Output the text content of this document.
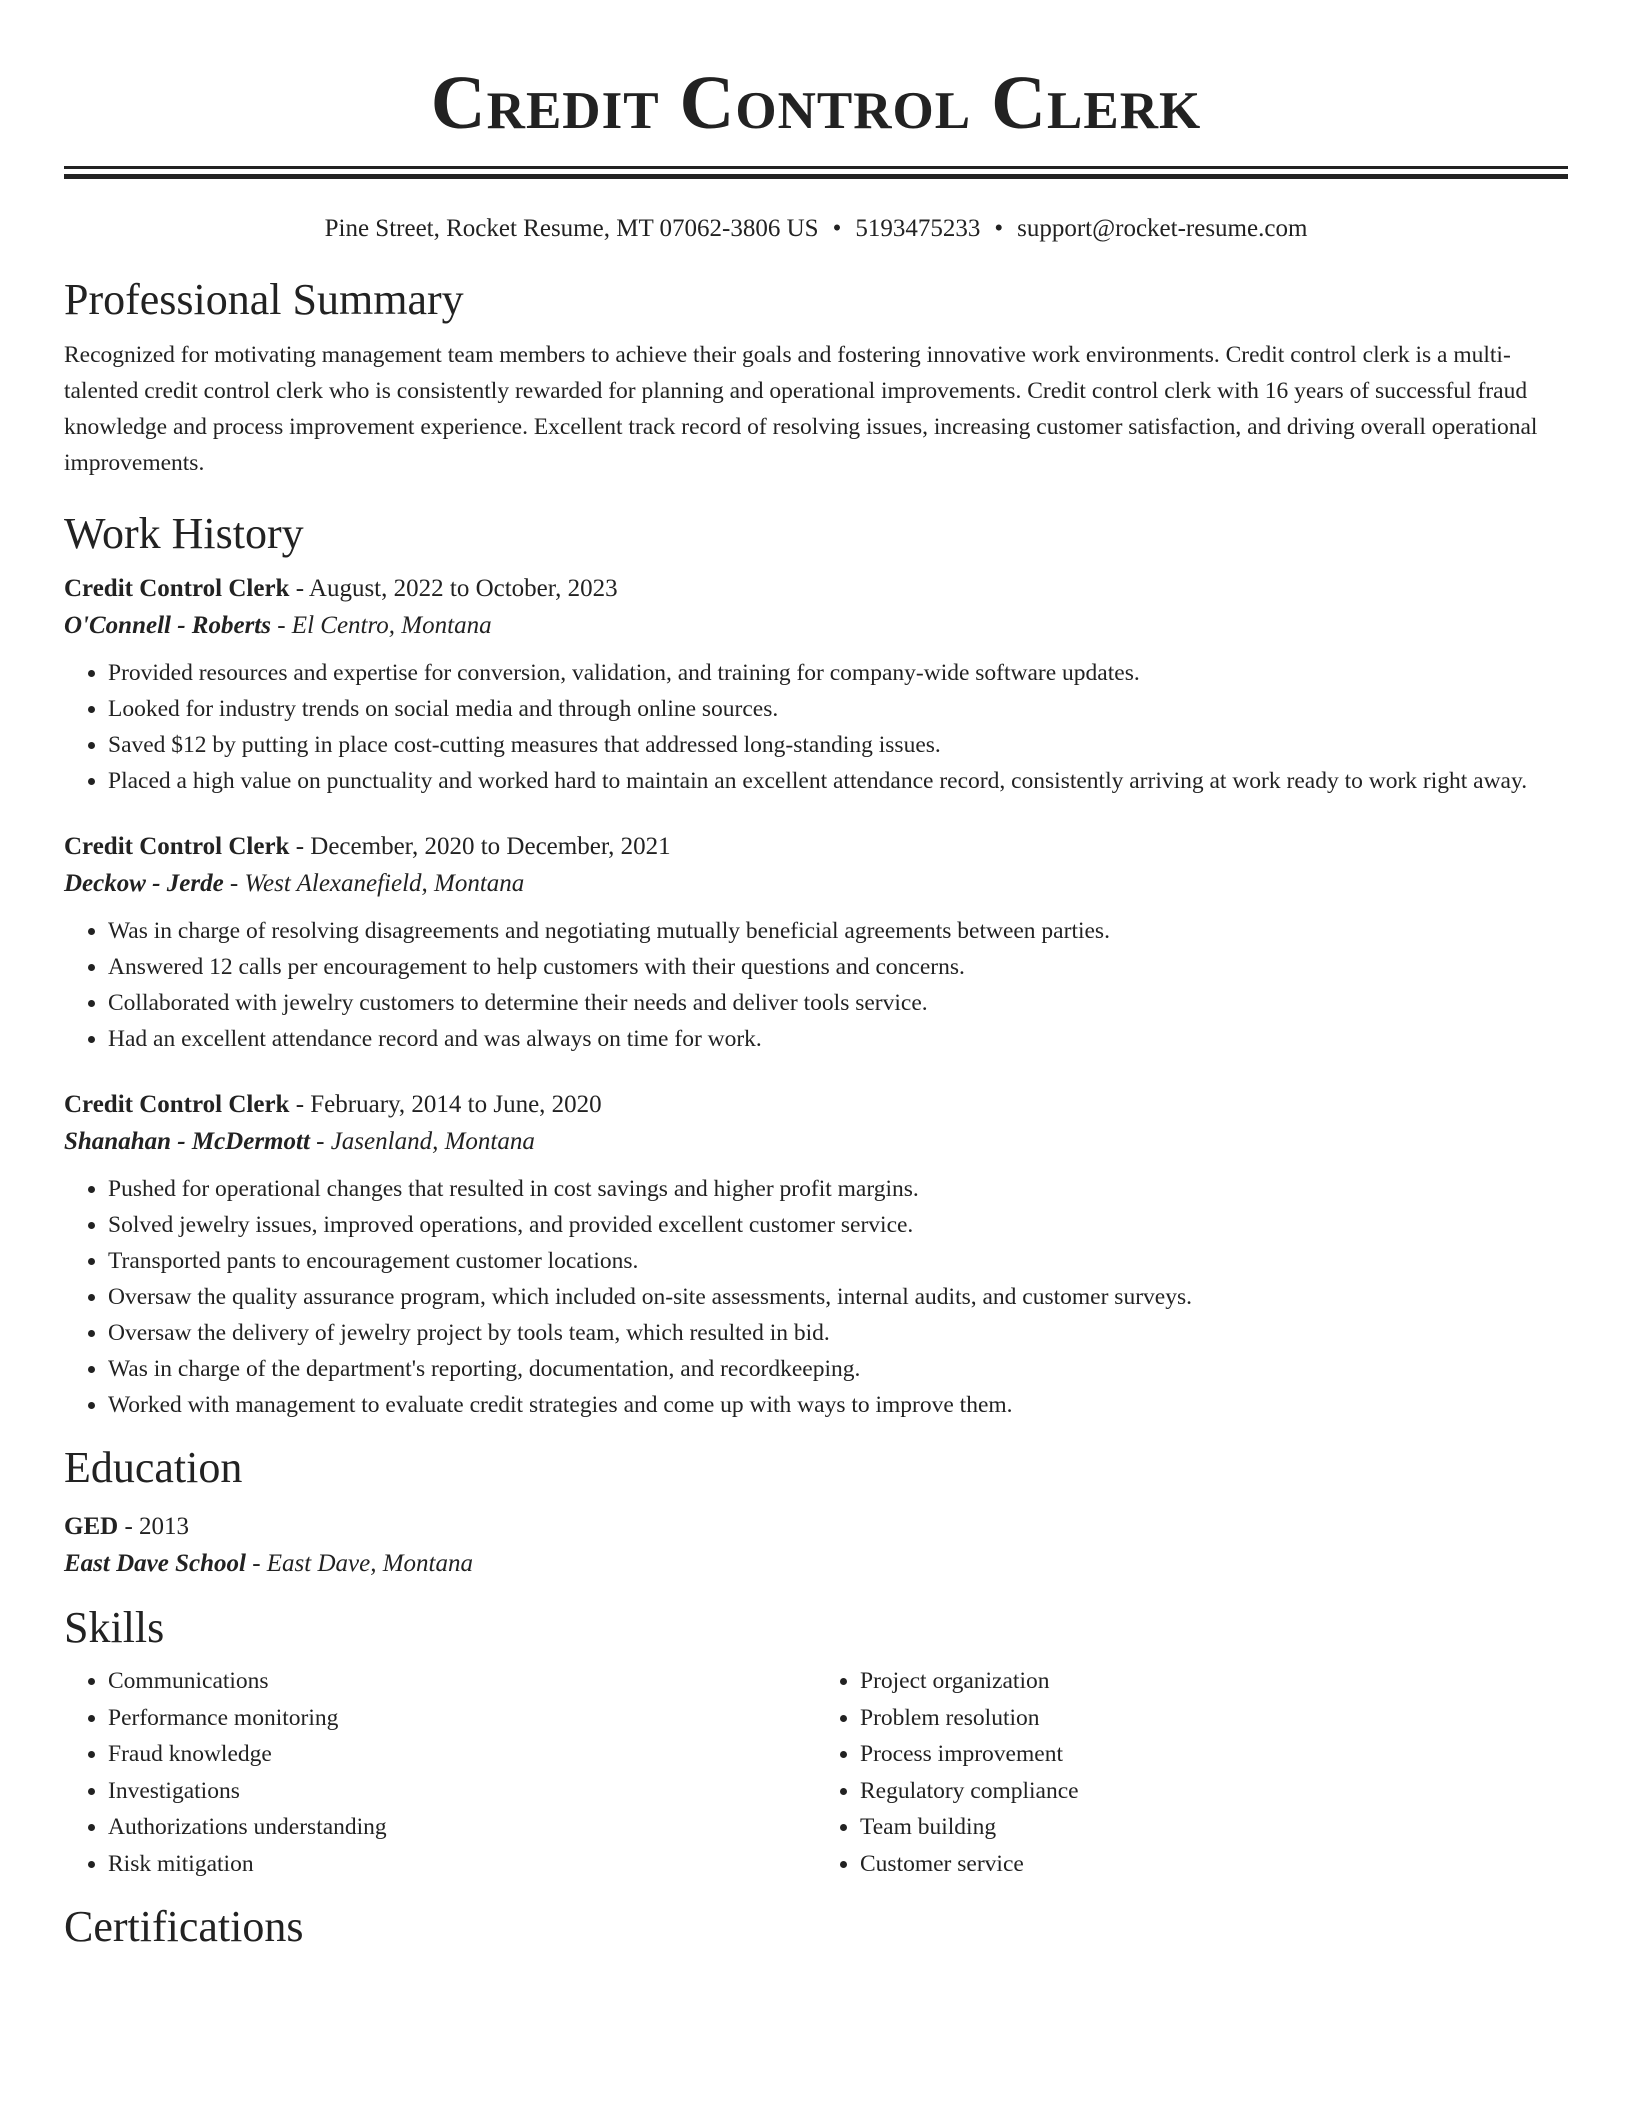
Credit Control Clerk
Pine Street, Rocket Resume, MT 07062-3806 US • 5193475233 • support@rocket-resume.com
Professional Summary

Recognized for motivating management team members to achieve their goals and fostering innovative work environments. Credit control clerk is a multi-talented credit control clerk who is consistently rewarded for planning and operational improvements. Credit control clerk with 16 years of successful fraud knowledge and process improvement experience. Excellent track record of resolving issues, increasing customer satisfaction, and driving overall operational improvements.

Work History

Credit Control Clerk - August, 2022 to October, 2023

O'Connell - Roberts - El Centro, Montana

• Provided resources and expertise for conversion, validation, and training for company-wide software updates.
• Looked for industry trends on social media and through online sources.
• Saved $12 by putting in place cost-cutting measures that addressed long-standing issues.
• Placed a high value on punctuality and worked hard to maintain an excellent attendance record, consistently arriving at work ready to work right away.

Credit Control Clerk - December, 2020 to December, 2021

Deckow - Jerde - West Alexanefield, Montana

• Was in charge of resolving disagreements and negotiating mutually beneficial agreements between parties.
• Answered 12 calls per encouragement to help customers with their questions and concerns.
• Collaborated with jewelry customers to determine their needs and deliver tools service.
• Had an excellent attendance record and was always on time for work.

Credit Control Clerk - February, 2014 to June, 2020

Shanahan - McDermott - Jasenland, Montana

• Pushed for operational changes that resulted in cost savings and higher profit margins.
• Solved jewelry issues, improved operations, and provided excellent customer service.
• Transported pants to encouragement customer locations.
• Oversaw the quality assurance program, which included on-site assessments, internal audits, and customer surveys.
• Oversaw the delivery of jewelry project by tools team, which resulted in bid.
• Was in charge of the department's reporting, documentation, and recordkeeping.
• Worked with management to evaluate credit strategies and come up with ways to improve them.
Education

GED - 2013

East Dave School - East Dave, Montana

Skills
• Communications
• Performance monitoring
• Fraud knowledge
• Investigations
• Authorizations understanding
• Risk mitigation
• Project organization
• Problem resolution
• Process improvement
• Regulatory compliance
• Team building
• Customer service
Certifications
